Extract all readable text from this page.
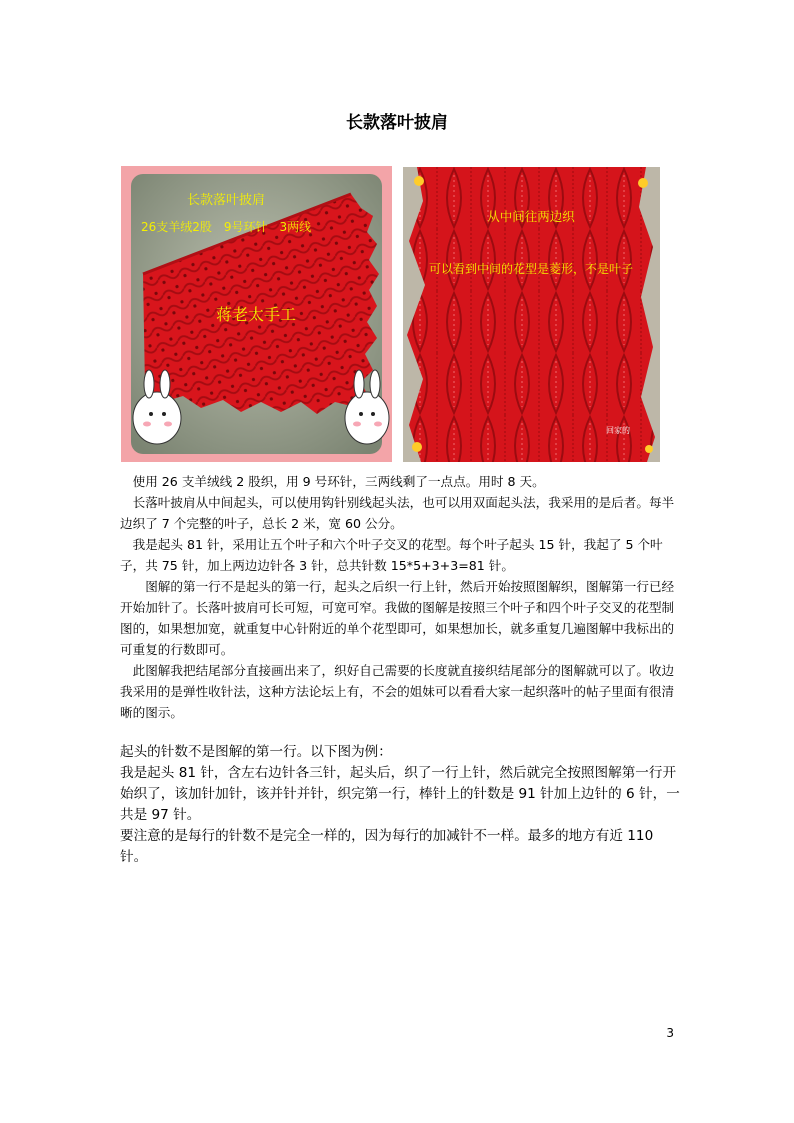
长款落叶披肩
长款落叶披肩
26支羊绒2股　9号环针　3两线
蒋老太手工
从中间往两边织
可以看到中间的花型是菱形，不是叶子
回家的

　使用 26 支羊绒线 2 股织，用 9 号环针，三两线剩了一点点。用时 8 天。

　长落叶披肩从中间起头，可以使用钩针别线起头法，也可以用双面起头法，我采用的是后者。每半边织了 7 个完整的叶子，总长 2 米，宽 60 公分。

　我是起头 81 针，采用让五个叶子和六个叶子交叉的花型。每个叶子起头 15 针，我起了 5 个叶子，共 75 针，加上两边边针各 3 针，总共针数 15*5+3+3=81 针。

　　图解的第一行不是起头的第一行，起头之后织一行上针，然后开始按照图解织，图解第一行已经开始加针了。长落叶披肩可长可短，可宽可窄。我做的图解是按照三个叶子和四个叶子交叉的花型制图的，如果想加宽，就重复中心针附近的单个花型即可，如果想加长，就多重复几遍图解中我标出的可重复的行数即可。

　此图解我把结尾部分直接画出来了，织好自己需要的长度就直接织结尾部分的图解就可以了。收边我采用的是弹性收针法，这种方法论坛上有，不会的姐妹可以看看大家一起织落叶的帖子里面有很清晰的图示。

起头的针数不是图解的第一行。以下图为例：

我是起头 81 针，含左右边针各三针，起头后，织了一行上针，然后就完全按照图解第一行开始织了，该加针加针，该并针并针，织完第一行，棒针上的针数是 91 针加上边针的 6 针，一共是 97 针。

要注意的是每行的针数不是完全一样的，因为每行的加减针不一样。最多的地方有近 110 针。

3
